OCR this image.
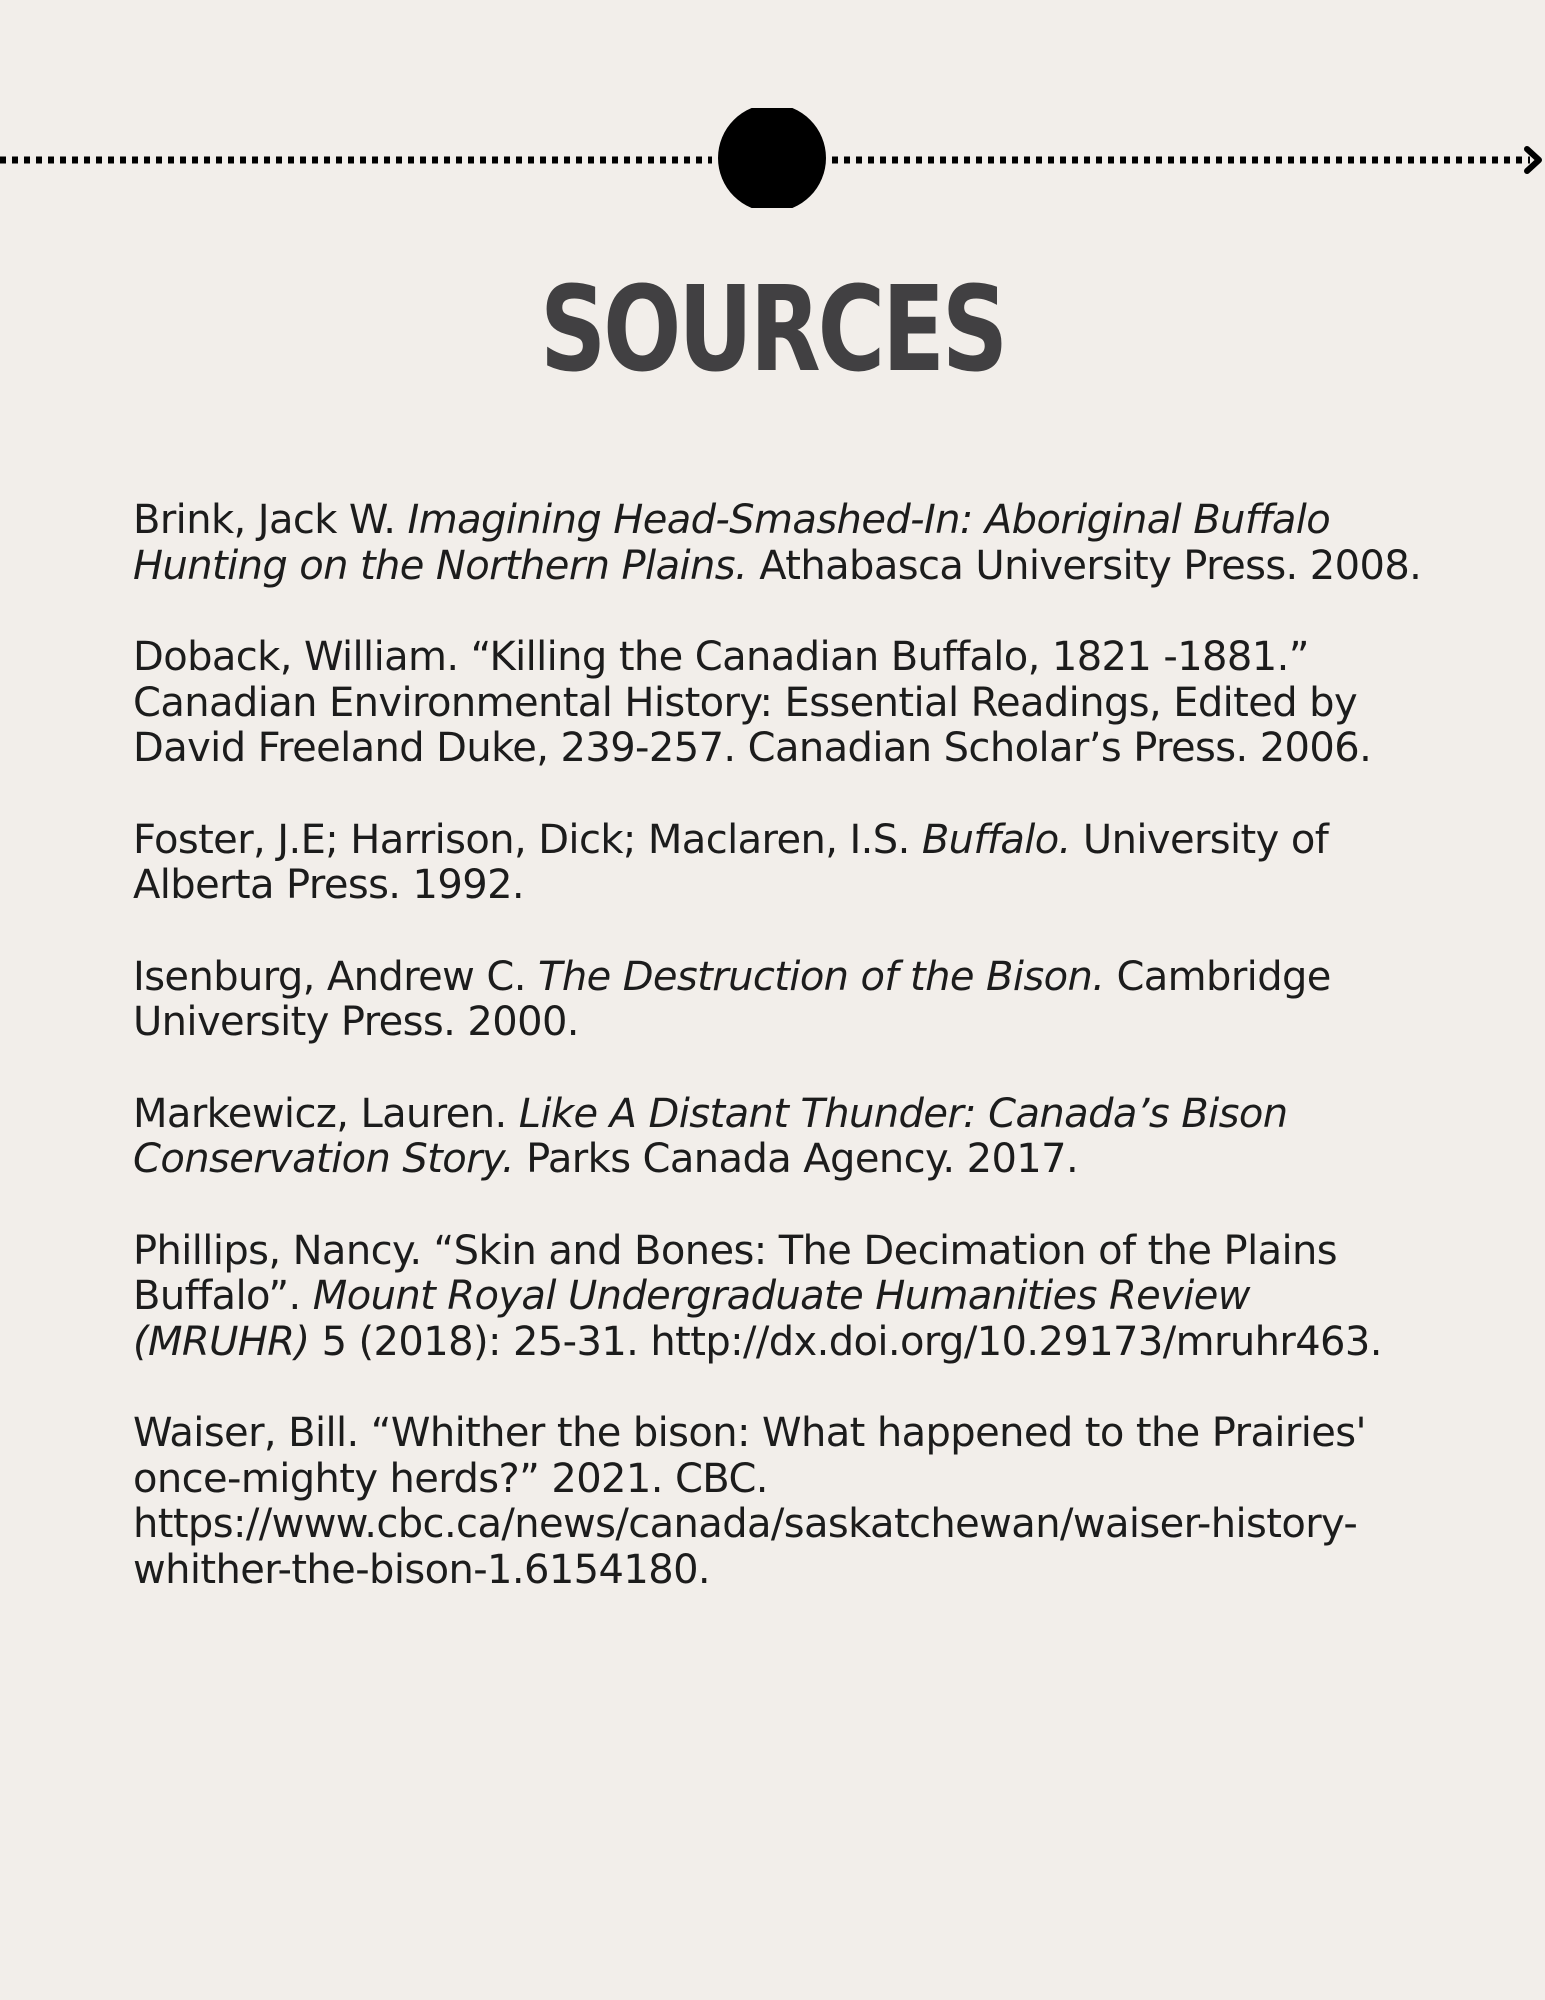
SOURCES

Brink, Jack W. Imagining Head-Smashed-In: Aboriginal Buffalo Hunting on the Northern Plains. Athabasca University Press. 2008.

Doback, William. “Killing the Canadian Buffalo, 1821 -1881.” Canadian Environmental History: Essential Readings, Edited by David Freeland Duke, 239-257. Canadian Scholar’s Press. 2006.

Foster, J.E; Harrison, Dick; Maclaren, I.S. Buffalo. University of Alberta Press. 1992.

Isenburg, Andrew C. The Destruction of the Bison. Cambridge University Press. 2000.

Markewicz, Lauren. Like A Distant Thunder: Canada’s Bison Conservation Story. Parks Canada Agency. 2017.

Phillips, Nancy. “Skin and Bones: The Decimation of the Plains Buffalo”. Mount Royal Undergraduate Humanities Review (MRUHR) 5 (2018): 25-31. http://dx.doi.org/10.29173/mruhr463.

Waiser, Bill. “Whither the bison: What happened to the Prairies' once-mighty herds?” 2021. CBC. https://www.cbc.ca/news/canada/saskatchewan/waiser-history-whither-the-bison-1.6154180.
